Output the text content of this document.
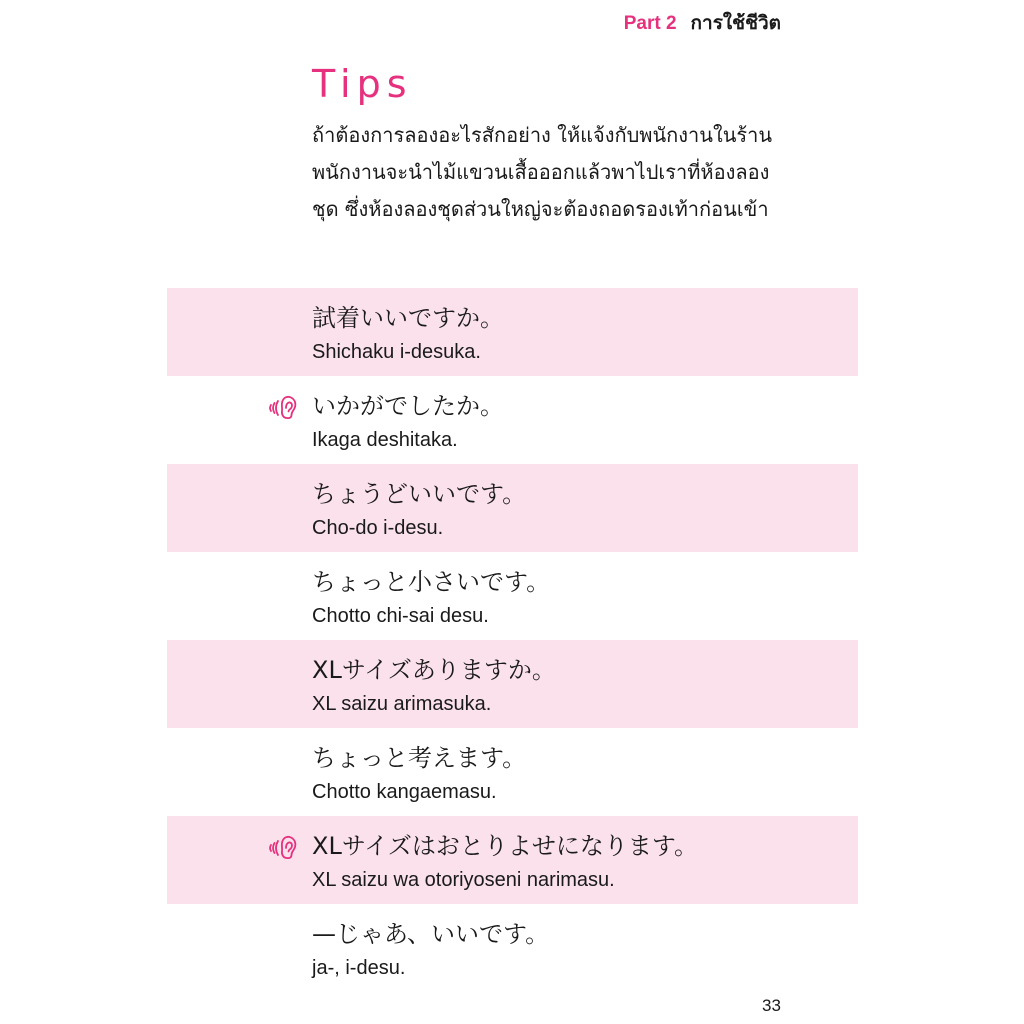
Part 2 การใช้ชีวิต
Tips
ถ้าต้องการลองอะไรสักอย่าง ให้แจ้งกับพนักงานในร้าน
พนักงานจะนำไม้แขวนเสื้อออกแล้วพาไปเราที่ห้องลอง
ชุด ซึ่งห้องลองชุดส่วนใหญ่จะต้องถอดรองเท้าก่อนเข้า
試着いいですか。
Shichaku i-desuka.
いかがでしたか。
Ikaga deshitaka.
ちょうどいいです。
Cho-do i-desu.
ちょっと小さいです。
Chotto chi-sai desu.
XLサイズありますか。
XL saizu arimasuka.
ちょっと考えます。
Chotto kangaemasu.
XLサイズはおとりよせになります。
XL saizu wa otoriyoseni narimasu.
—じゃあ、いいです。
ja-, i-desu.
33
